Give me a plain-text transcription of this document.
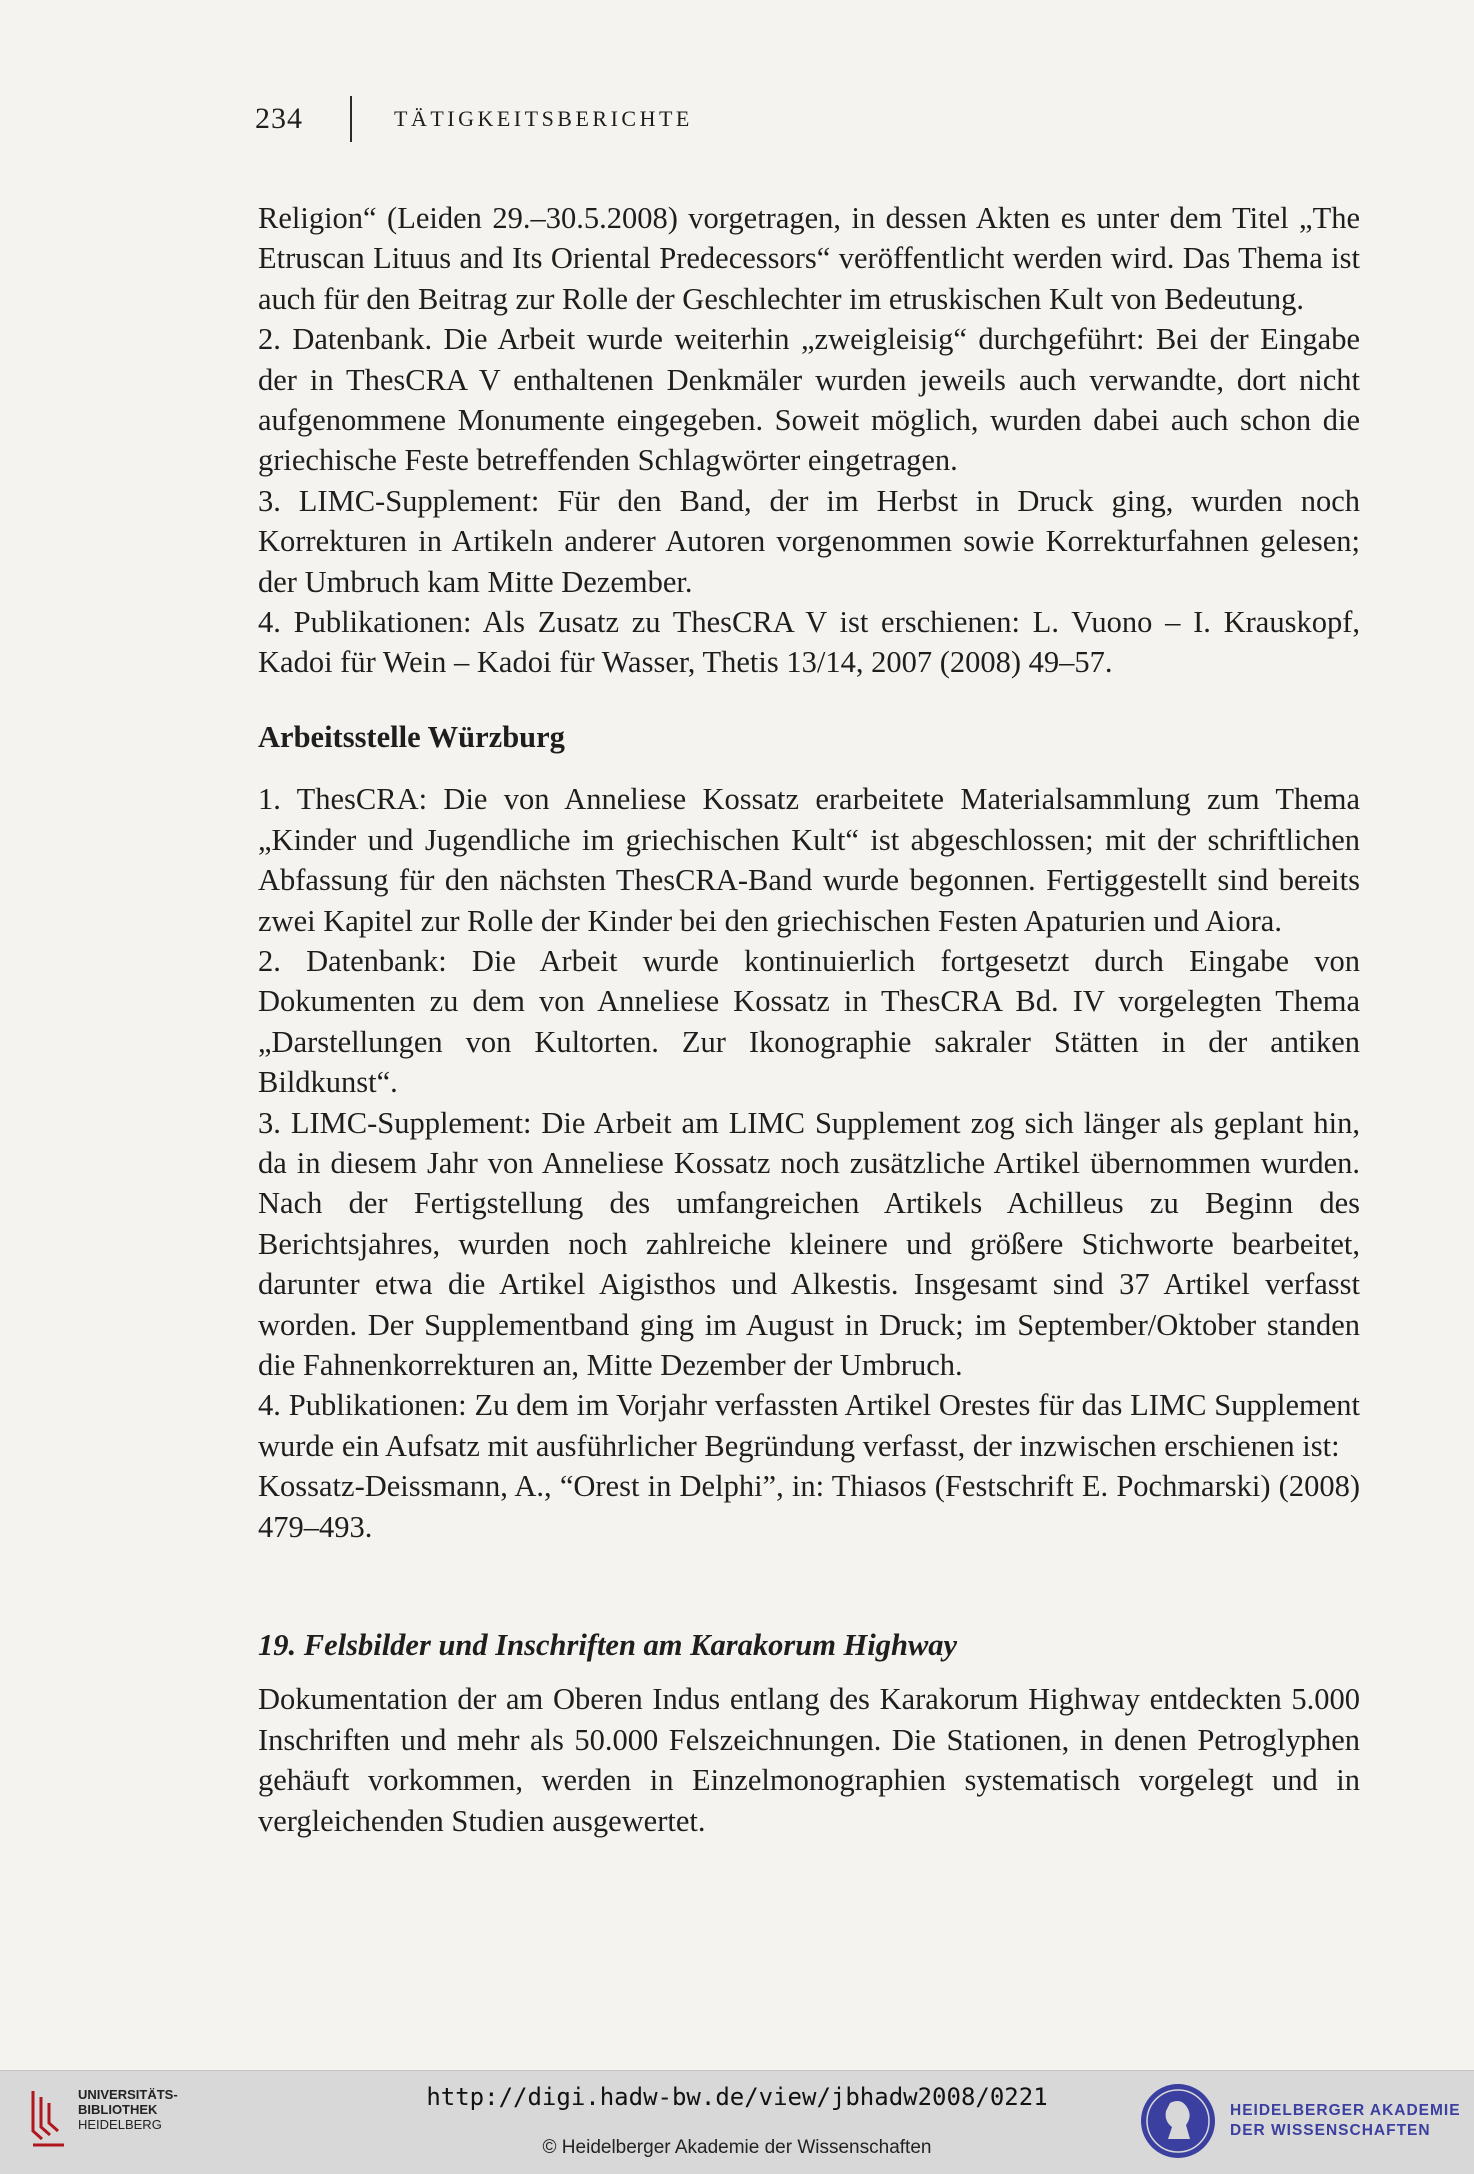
234	TÄTIGKEITSBERICHTE

Religion“ (Leiden 29.–30.5.2008) vorgetragen, in dessen Akten es unter dem Titel „The Etruscan Lituus and Its Oriental Predecessors“ veröffentlicht werden wird. Das Thema ist auch für den Beitrag zur Rolle der Geschlechter im etruskischen Kult von Bedeutung.

2. Datenbank. Die Arbeit wurde weiterhin „zweigleisig“ durchgeführt: Bei der Eingabe der in ThesCRA V enthaltenen Denkmäler wurden jeweils auch verwandte, dort nicht aufgenommene Monumente eingegeben. Soweit möglich, wurden dabei auch schon die griechische Feste betreffenden Schlagwörter eingetragen.

3. LIMC-Supplement: Für den Band, der im Herbst in Druck ging, wurden noch Korrekturen in Artikeln anderer Autoren vorgenommen sowie Korrekturfahnen gelesen; der Umbruch kam Mitte Dezember.

4. Publikationen: Als Zusatz zu ThesCRA V ist erschienen: L. Vuono – I. Krauskopf, Kadoi für Wein – Kadoi für Wasser, Thetis 13/14, 2007 (2008) 49–57.

Arbeitsstelle Würzburg

1. ThesCRA: Die von Anneliese Kossatz erarbeitete Materialsammlung zum Thema „Kinder und Jugendliche im griechischen Kult“ ist abgeschlossen; mit der schriftlichen Abfassung für den nächsten ThesCRA-Band wurde begonnen. Fertiggestellt sind bereits zwei Kapitel zur Rolle der Kinder bei den griechischen Festen Apaturien und Aiora.

2. Datenbank: Die Arbeit wurde kontinuierlich fortgesetzt durch Eingabe von Dokumenten zu dem von Anneliese Kossatz in ThesCRA Bd. IV vorgelegten Thema „Darstellungen von Kultorten. Zur Ikonographie sakraler Stätten in der antiken Bildkunst“.

3. LIMC-Supplement: Die Arbeit am LIMC Supplement zog sich länger als geplant hin, da in diesem Jahr von Anneliese Kossatz noch zusätzliche Artikel übernommen wurden. Nach der Fertigstellung des umfangreichen Artikels Achilleus zu Beginn des Berichtsjahres, wurden noch zahlreiche kleinere und größere Stichworte bearbeitet, darunter etwa die Artikel Aigisthos und Alkestis. Insgesamt sind 37 Artikel verfasst worden. Der Supplementband ging im August in Druck; im September/Oktober standen die Fahnenkorrekturen an, Mitte Dezember der Umbruch.

4. Publikationen: Zu dem im Vorjahr verfassten Artikel Orestes für das LIMC Supplement wurde ein Aufsatz mit ausführlicher Begründung verfasst, der inzwischen erschienen ist:

Kossatz-Deissmann, A., “Orest in Delphi”, in: Thiasos (Festschrift E. Pochmarski) (2008) 479–493.

19. Felsbilder und Inschriften am Karakorum Highway

Dokumentation der am Oberen Indus entlang des Karakorum Highway entdeckten 5.000 Inschriften und mehr als 50.000 Felszeichnungen. Die Stationen, in denen Petroglyphen gehäuft vorkommen, werden in Einzelmonographien systematisch vorgelegt und in vergleichenden Studien ausgewertet.

UNIVERSITÄTS-
BIBLIOTHEK
HEIDELBERG
http://digi.hadw-bw.de/view/jbhadw2008/0221
© Heidelberger Akademie der Wissenschaften
HEIDELBERGER AKADEMIE
DER WISSENSCHAFTEN
